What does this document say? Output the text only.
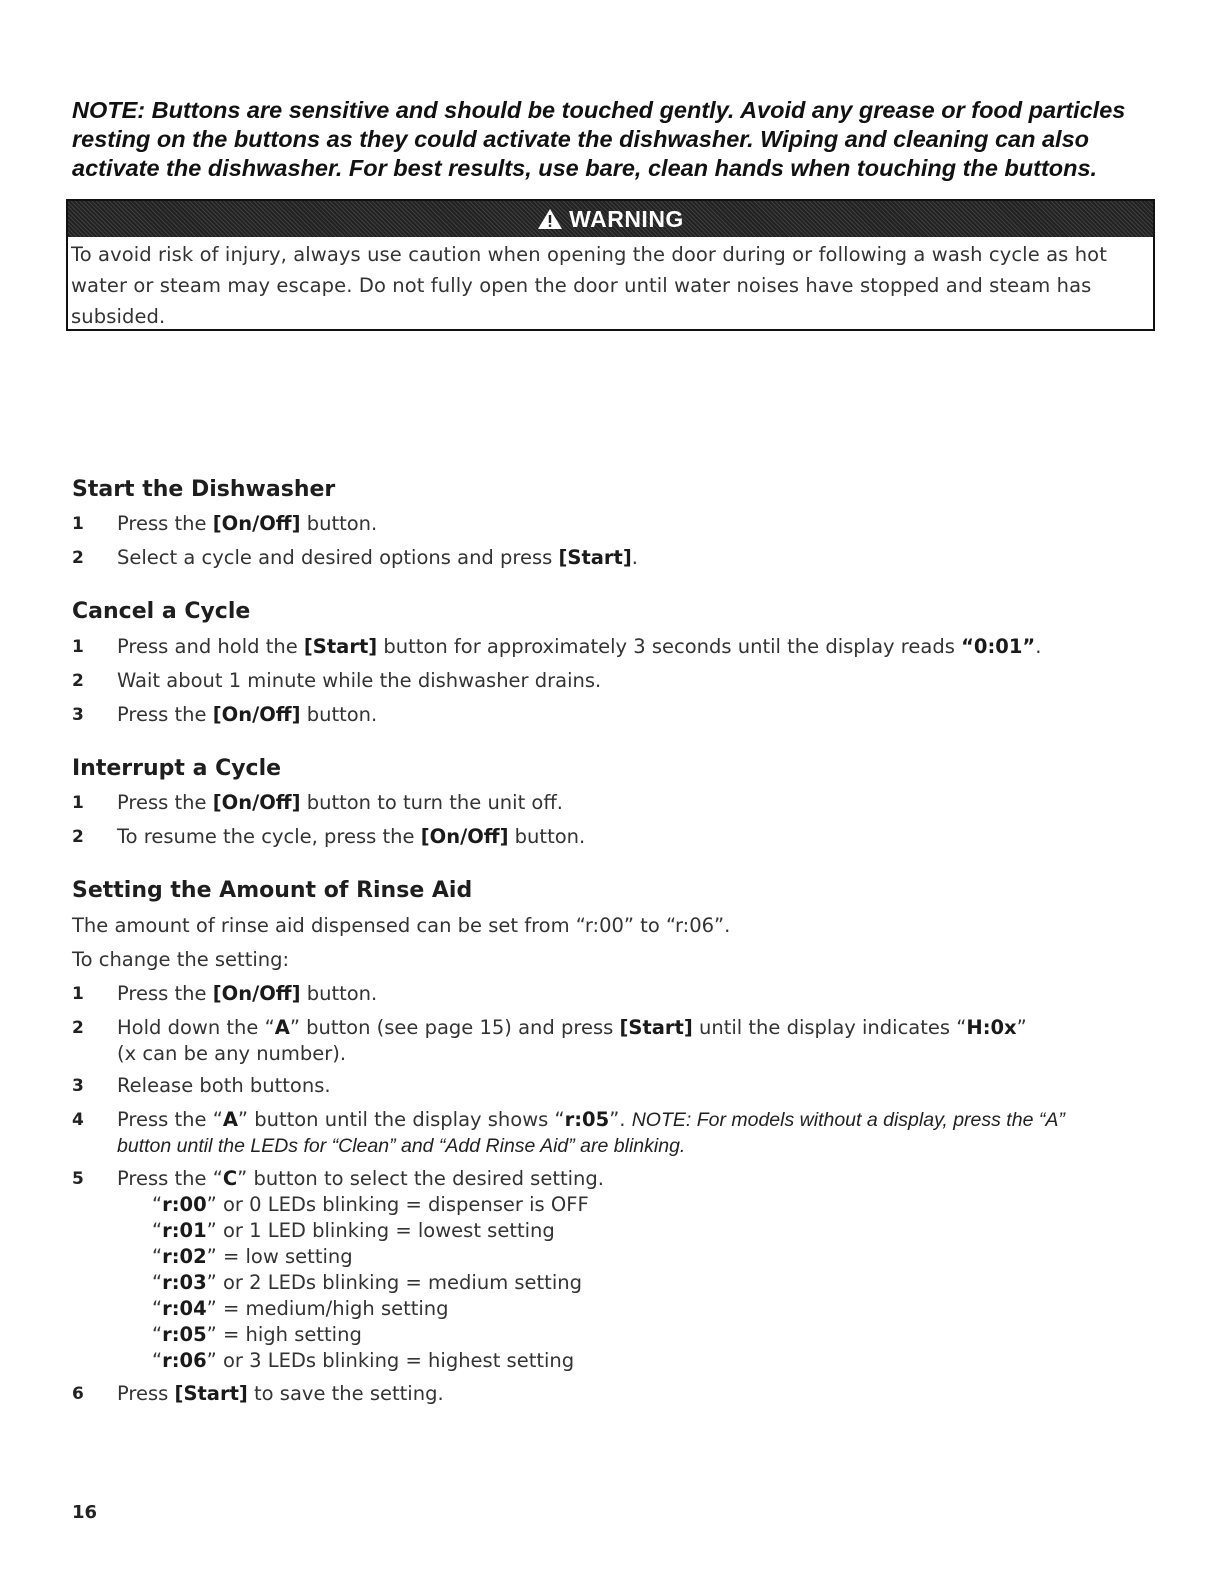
NOTE: Buttons are sensitive and should be touched gently. Avoid any grease or food particles resting on the buttons as they could activate the dishwasher. Wiping and cleaning can also activate the dishwasher. For best results, use bare, clean hands when touching the buttons.
WARNING
To avoid risk of injury, always use caution when opening the door during or following a wash cycle as hot water or steam may escape. Do not fully open the door until water noises have stopped and steam has subsided.
Start the Dishwasher
1 Press the [On/Off] button.
2 Select a cycle and desired options and press [Start].
Cancel a Cycle
1 Press and hold the [Start] button for approximately 3 seconds until the display reads “0:01”.
2 Wait about 1 minute while the dishwasher drains.
3 Press the [On/Off] button.
Interrupt a Cycle
1 Press the [On/Off] button to turn the unit off.
2 To resume the cycle, press the [On/Off] button.
Setting the Amount of Rinse Aid
The amount of rinse aid dispensed can be set from “r:00” to “r:06”.
To change the setting:
1 Press the [On/Off] button.
2 Hold down the “A” button (see page 15) and press [Start] until the display indicates “H:0x”
(x can be any number).
3 Release both buttons.
4 Press the “A” button until the display shows “r:05”. NOTE: For models without a display, press the “A”
button until the LEDs for “Clean” and “Add Rinse Aid” are blinking.
5 Press the “C” button to select the desired setting.
“r:00” or 0 LEDs blinking = dispenser is OFF
“r:01” or 1 LED blinking = lowest setting
“r:02” = low setting
“r:03” or 2 LEDs blinking = medium setting
“r:04” = medium/high setting
“r:05” = high setting
“r:06” or 3 LEDs blinking = highest setting
6 Press [Start] to save the setting.
16
